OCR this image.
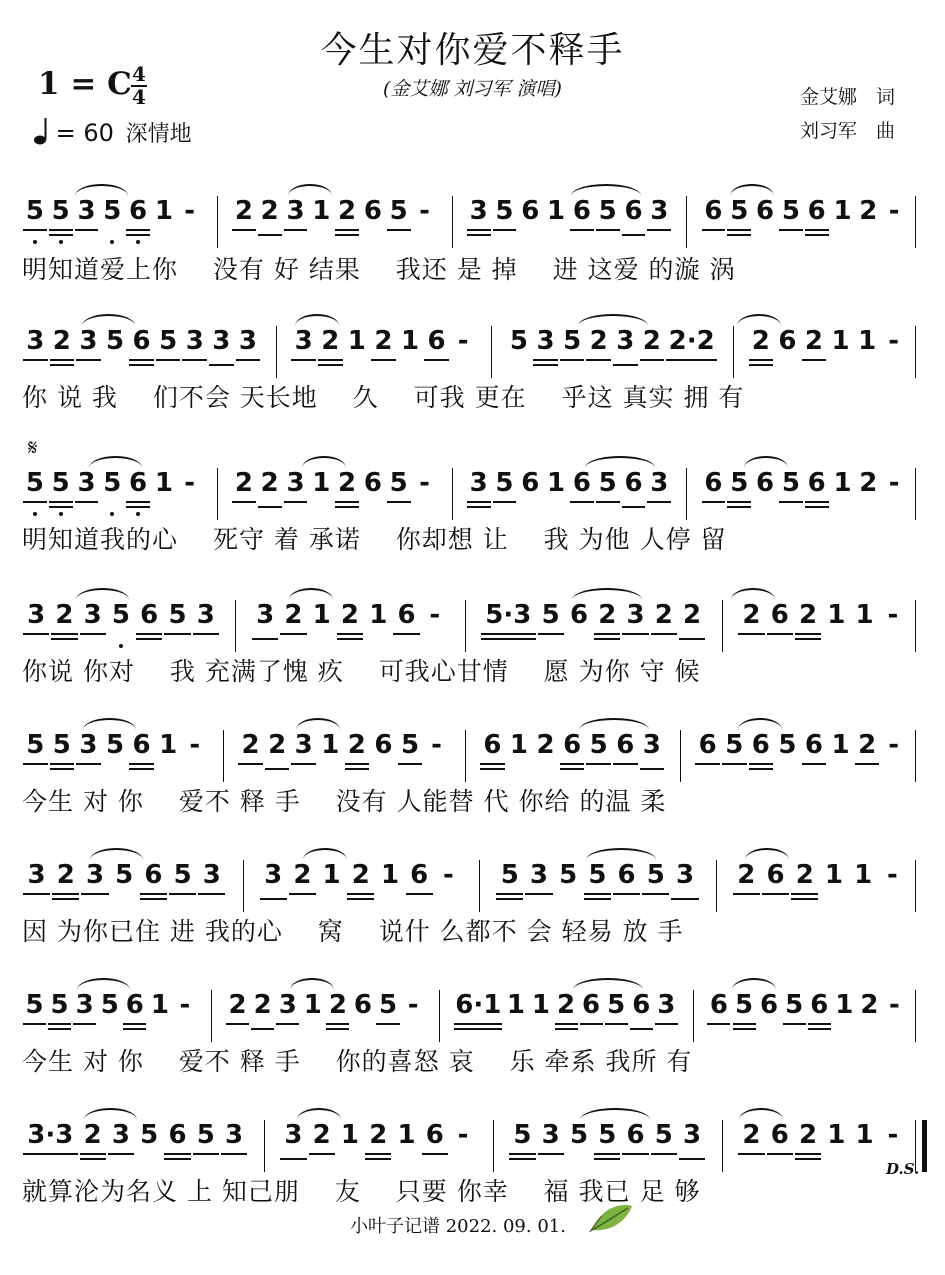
今生对你爱不释手
(金艾娜 刘习军 演唱)
1 = C 4
4
= 60 深情地
金艾娜　词
刘习军　曲
𝄋
D.S.
5 5 3 5 6 1 - 2 2 3 1 2 6 5 - 3 5 6 1 6 5 6 3 6 5 6 5 6 1 2 -
明知道爱上你　 没有 好 结果　 我还 是 掉　 进 这爱 的漩 涡
3 2 3 5 6 5 3 3 3 3 2 1 2 1 6 -	5 3 5 2 3 2 2·2 2 6 2 1 1 -
你 说 我　 们不会 天长地　 久　 可我 更在　 乎这 真实 拥 有
5 5 3 5 6 1 - 2 2 3 1 2 6 5 - 3 5 6 1 6 5 6 3 6 5 6 5 6 1 2 -
明知道我的心　 死守 着 承诺　 你却想 让　 我 为他 人停 留
3 2 3 5 6 5 3 3 2 1 2 1 6 -	5·3 5 6 2 3 2 2 2 6 2 1 1 -
你说 你对　 我 充满了愧 疚　 可我心甘情　 愿 为你 守 候
5 5 3 5 6 1 -	2 2 3 1 2 6 5 -	6 1 2 6 5 6 3 6 5 6 5 6 1 2 -
今生 对 你　 爱不 释 手　 没有 人能替 代 你给 的温 柔
3 2 3 5 6 5 3 3 2 1 2 1 6 -	5 3 5 5 6 5 3 2 6 2 1 1 -
因 为你已住 进 我的心　 窝　 说什 么都不 会 轻易 放 手
5 5 3 5 6 1 - 2 2 3 1 2 6 5 - 6·1 1 1 2 6 5 6 3 6 5 6 5 6 1 2 -
今生 对 你　 爱不 释 手　 你的喜怒 哀　 乐 牵系 我所 有
3·3 2 3 5 6 5 3 3 2 1 2 1 6 -	5 3 5 5 6 5 3 2 6 2 1 1 -
就算沦为名义 上 知己朋　 友　 只要 你幸　 福 我已 足 够
小叶子记谱 2022. 09. 01.
